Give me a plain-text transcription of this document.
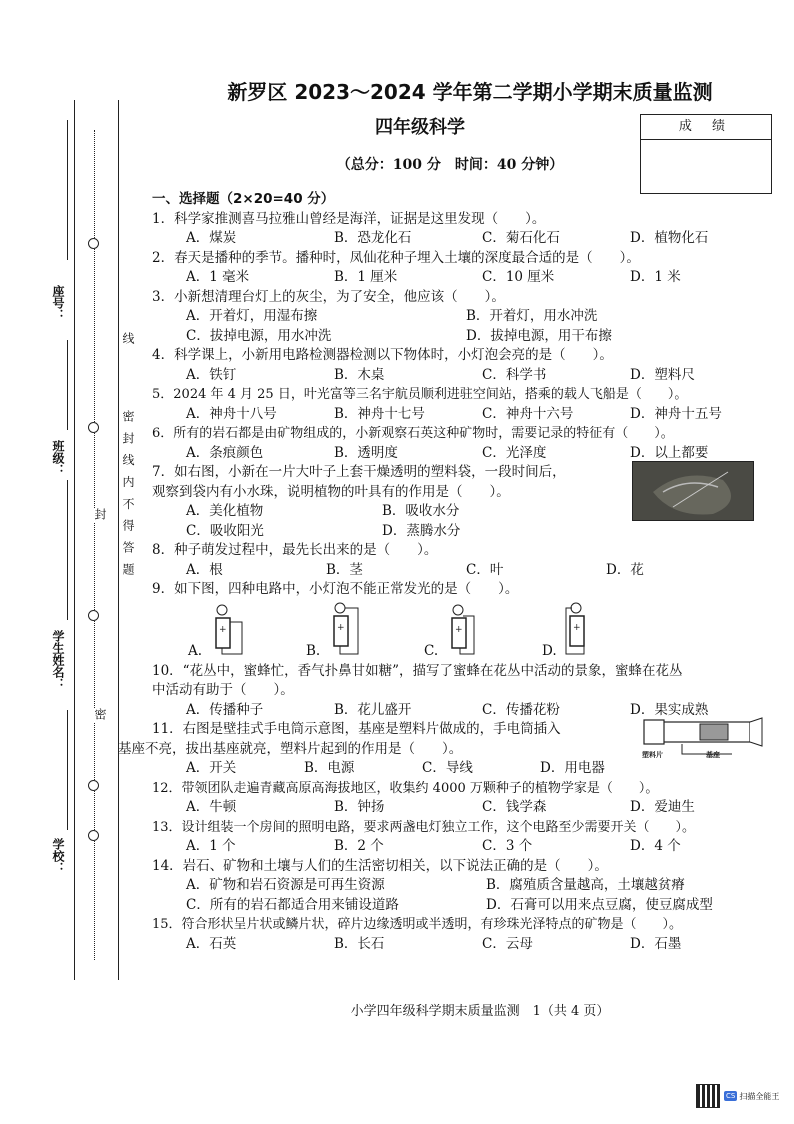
座号：
班级：
学生姓名：
学校：
线
封
密
密 封 线 内 不 得 答 题
新罗区 2023～2024 学年第二学期小学期末质量监测
四年级科学
（总分：100 分　时间：40 分钟）
成 绩
一、选择题（2×20=40 分）
1．科学家推测喜马拉雅山曾经是海洋，证据是这里发现（　　）。
A．煤炭	B．恐龙化石	C．菊石化石	D．植物化石
2．春天是播种的季节。播种时，凤仙花种子埋入土壤的深度最合适的是（　　）。
A．1 毫米	B．1 厘米	C．10 厘米	D．1 米
3．小新想清理台灯上的灰尘，为了安全，他应该（　　）。
A．开着灯，用湿布擦	B．开着灯，用水冲洗
C．拔掉电源，用水冲洗	D．拔掉电源，用干布擦
4．科学课上，小新用电路检测器检测以下物体时，小灯泡会亮的是（　　）。
A．铁钉	B．木桌	C．科学书	D．塑料尺
5．2024 年 4 月 25 日，叶光富等三名宇航员顺利进驻空间站，搭乘的载人飞船是（　　）。
A．神舟十八号	B．神舟十七号	C．神舟十六号	D．神舟十五号
6．所有的岩石都是由矿物组成的，小新观察石英这种矿物时，需要记录的特征有（　　）。
A．条痕颜色	B．透明度	C．光泽度	D．以上都要
7．如右图，小新在一片大叶子上套干燥透明的塑料袋，一段时间后，
观察到袋内有小水珠，说明植物的叶具有的作用是（　　）。
A．美化植物	B．吸收水分
C．吸收阳光	D．蒸腾水分
8．种子萌发过程中，最先长出来的是（　　）。
A．根	B．茎	C．叶	D．花
9．如下图，四种电路中，小灯泡不能正常发光的是（　　）。
A.
+
B.
+
C.
+
D.
+
10．“花丛中，蜜蜂忙，香气扑鼻甘如糖”，描写了蜜蜂在花丛中活动的景象，蜜蜂在花丛
中活动有助于（　　）。
A．传播种子	B．花儿盛开	C．传播花粉	D．果实成熟
塑料片	基座
11．右图是壁挂式手电筒示意图，基座是塑料片做成的，手电筒插入
基座不亮，拔出基座就亮，塑料片起到的作用是（　　）。
A．开关	B．电源	C．导线	D．用电器
12．带领团队走遍青藏高原高海拔地区，收集约 4000 万颗种子的植物学家是（　　）。
A．牛顿	B．钟扬	C．钱学森	D．爱迪生
13．设计组装一个房间的照明电路，要求两盏电灯独立工作，这个电路至少需要开关（　　）。
A．1 个	B．2 个	C．3 个	D．4 个
14．岩石、矿物和土壤与人们的生活密切相关，以下说法正确的是（　　）。
A．矿物和岩石资源是可再生资源	B．腐殖质含量越高，土壤越贫瘠
C．所有的岩石都适合用来铺设道路	D．石膏可以用来点豆腐，使豆腐成型
15．符合形状呈片状或鳞片状，碎片边缘透明或半透明，有珍珠光泽特点的矿物是（　　）。
A．石英	B．长石	C．云母	D．石墨
小学四年级科学期末质量监测　1（共 4 页）
CS 扫描全能王
